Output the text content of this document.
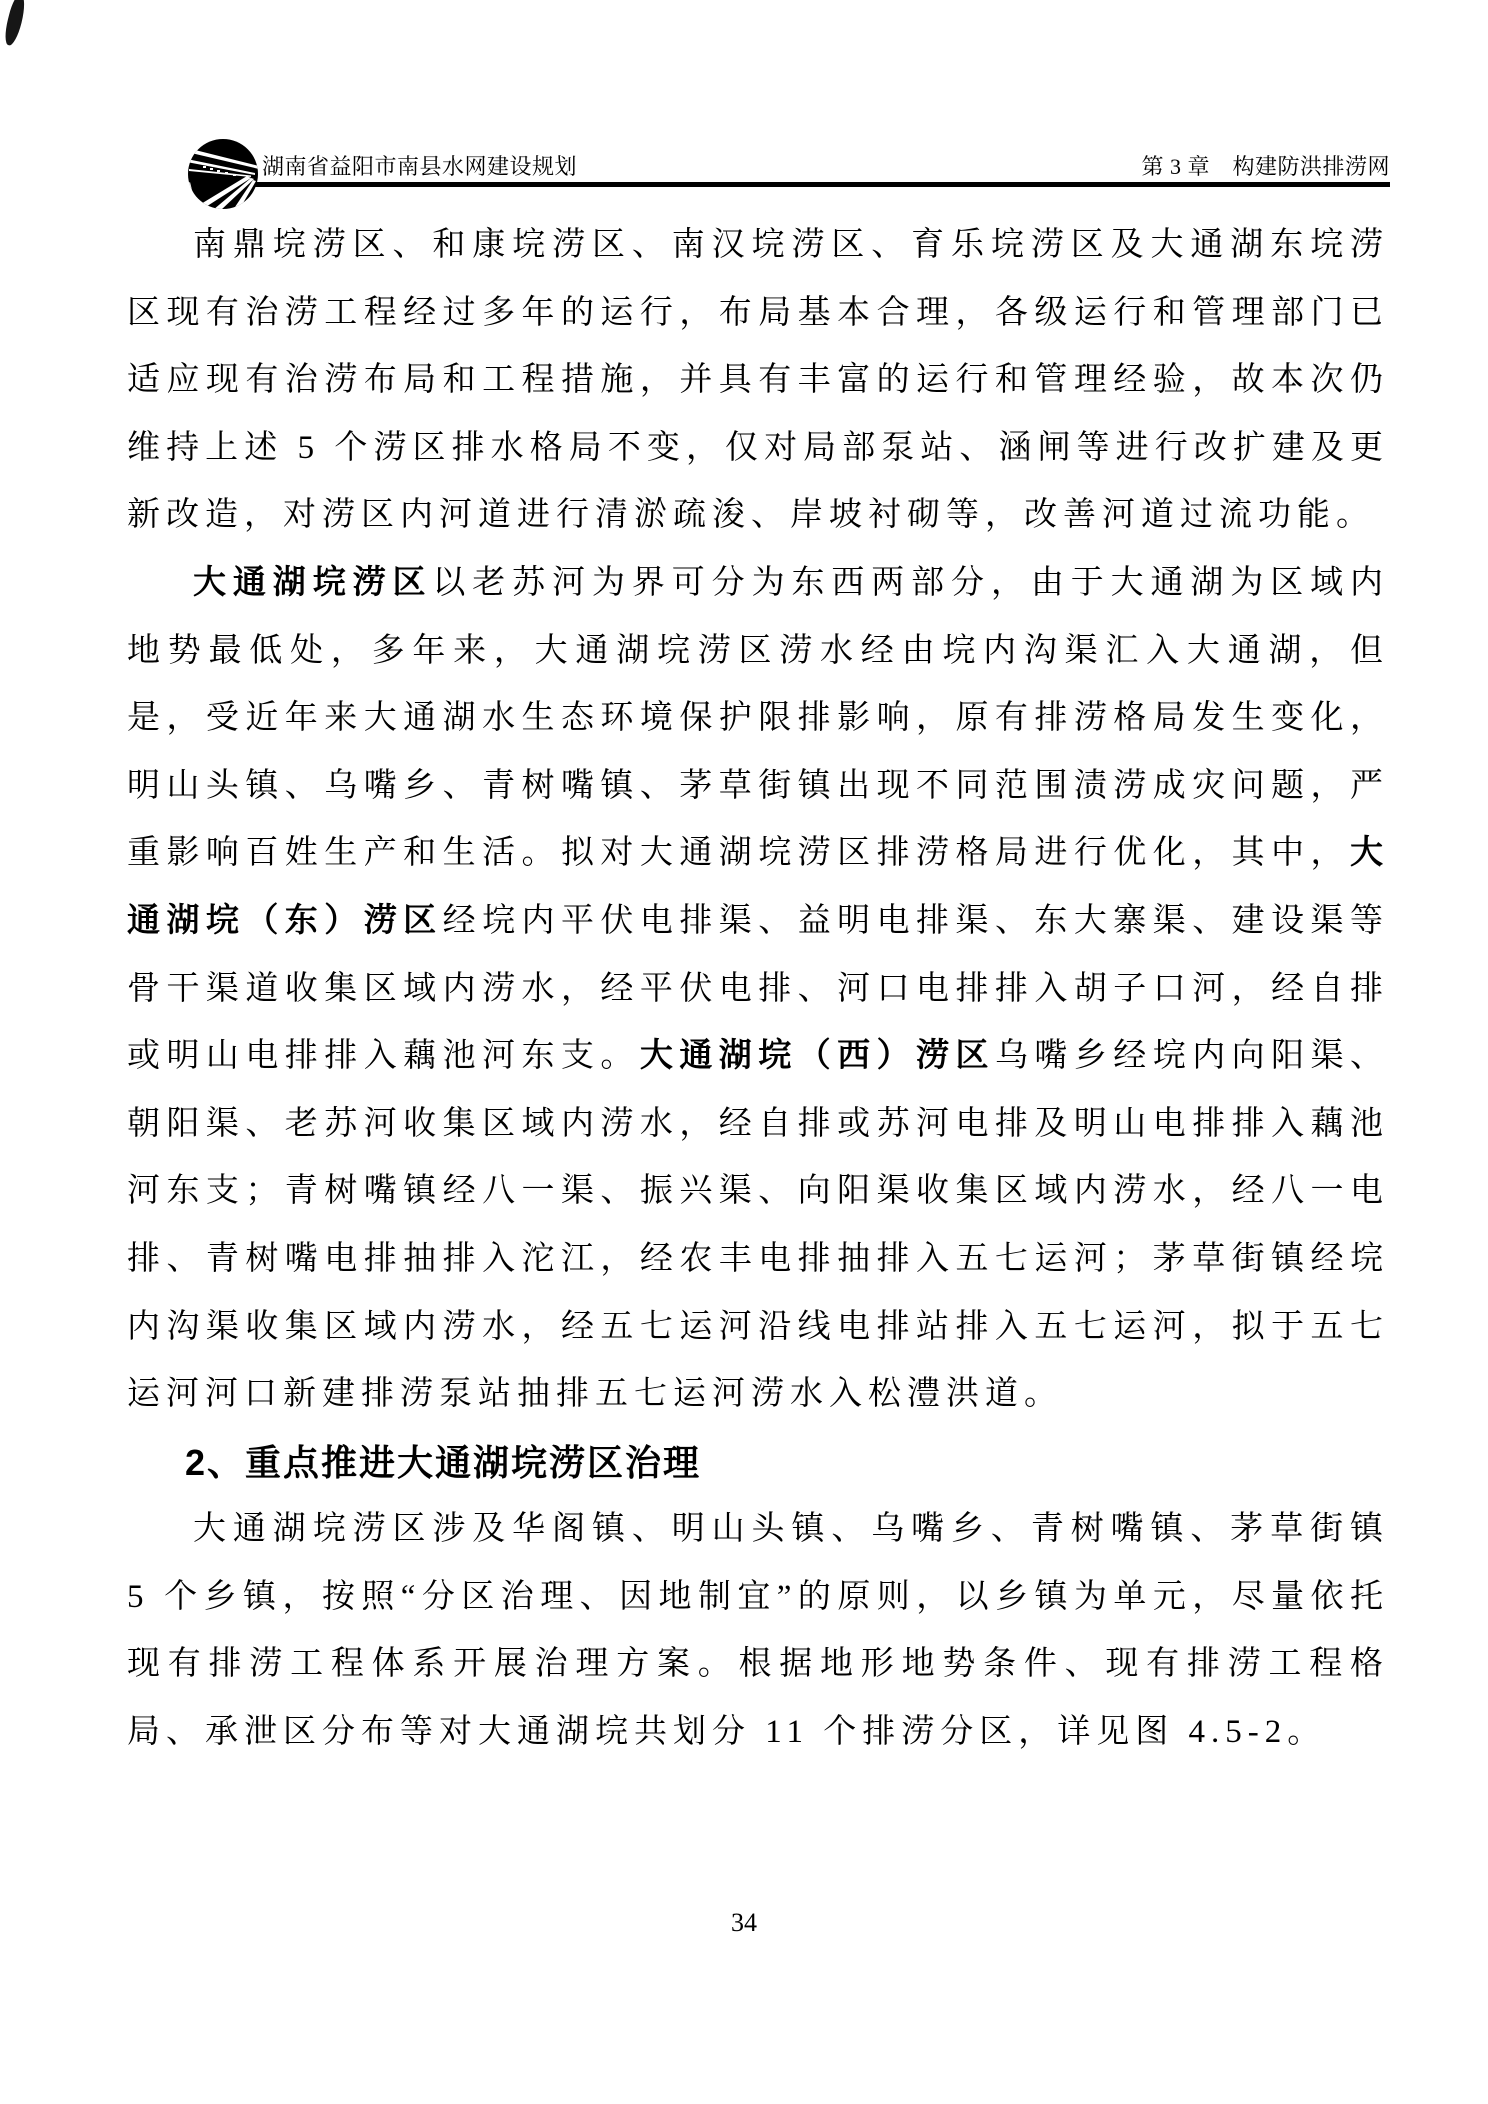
湖南省益阳市南县水网建设规划	第 3 章　构建防洪排涝网

南鼎垸涝区、和康垸涝区、南汉垸涝区、育乐垸涝区及大通湖东垸涝区现有治涝工程经过多年的运行，布局基本合理，各级运行和管理部门已适应现有治涝布局和工程措施，并具有丰富的运行和管理经验，故本次仍维持上述 5 个涝区排水格局不变，仅对局部泵站、涵闸等进行改扩建及更新改造，对涝区内河道进行清淤疏浚、岸坡衬砌等，改善河道过流功能。

大通湖垸涝区以老苏河为界可分为东西两部分，由于大通湖为区域内地势最低处，多年来，大通湖垸涝区涝水经由垸内沟渠汇入大通湖，但是，受近年来大通湖水生态环境保护限排影响，原有排涝格局发生变化，明山头镇、乌嘴乡、青树嘴镇、茅草街镇出现不同范围渍涝成灾问题，严重影响百姓生产和生活。拟对大通湖垸涝区排涝格局进行优化，其中，大通湖垸（东）涝区经垸内平伏电排渠、益明电排渠、东大寨渠、建设渠等骨干渠道收集区域内涝水，经平伏电排、河口电排排入胡子口河，经自排或明山电排排入藕池河东支。大通湖垸（西）涝区乌嘴乡经垸内向阳渠、朝阳渠、老苏河收集区域内涝水，经自排或苏河电排及明山电排排入藕池河东支；青树嘴镇经八一渠、振兴渠、向阳渠收集区域内涝水，经八一电排、青树嘴电排抽排入沱江，经农丰电排抽排入五七运河；茅草街镇经垸内沟渠收集区域内涝水，经五七运河沿线电排站排入五七运河，拟于五七运河河口新建排涝泵站抽排五七运河涝水入松澧洪道。

2、重点推进大通湖垸涝区治理

大通湖垸涝区涉及华阁镇、明山头镇、乌嘴乡、青树嘴镇、茅草街镇 5 个乡镇，按照“分区治理、因地制宜”的原则，以乡镇为单元，尽量依托现有排涝工程体系开展治理方案。根据地形地势条件、现有排涝工程格局、承泄区分布等对大通湖垸共划分 11 个排涝分区，详见图 4.5-2。

34
